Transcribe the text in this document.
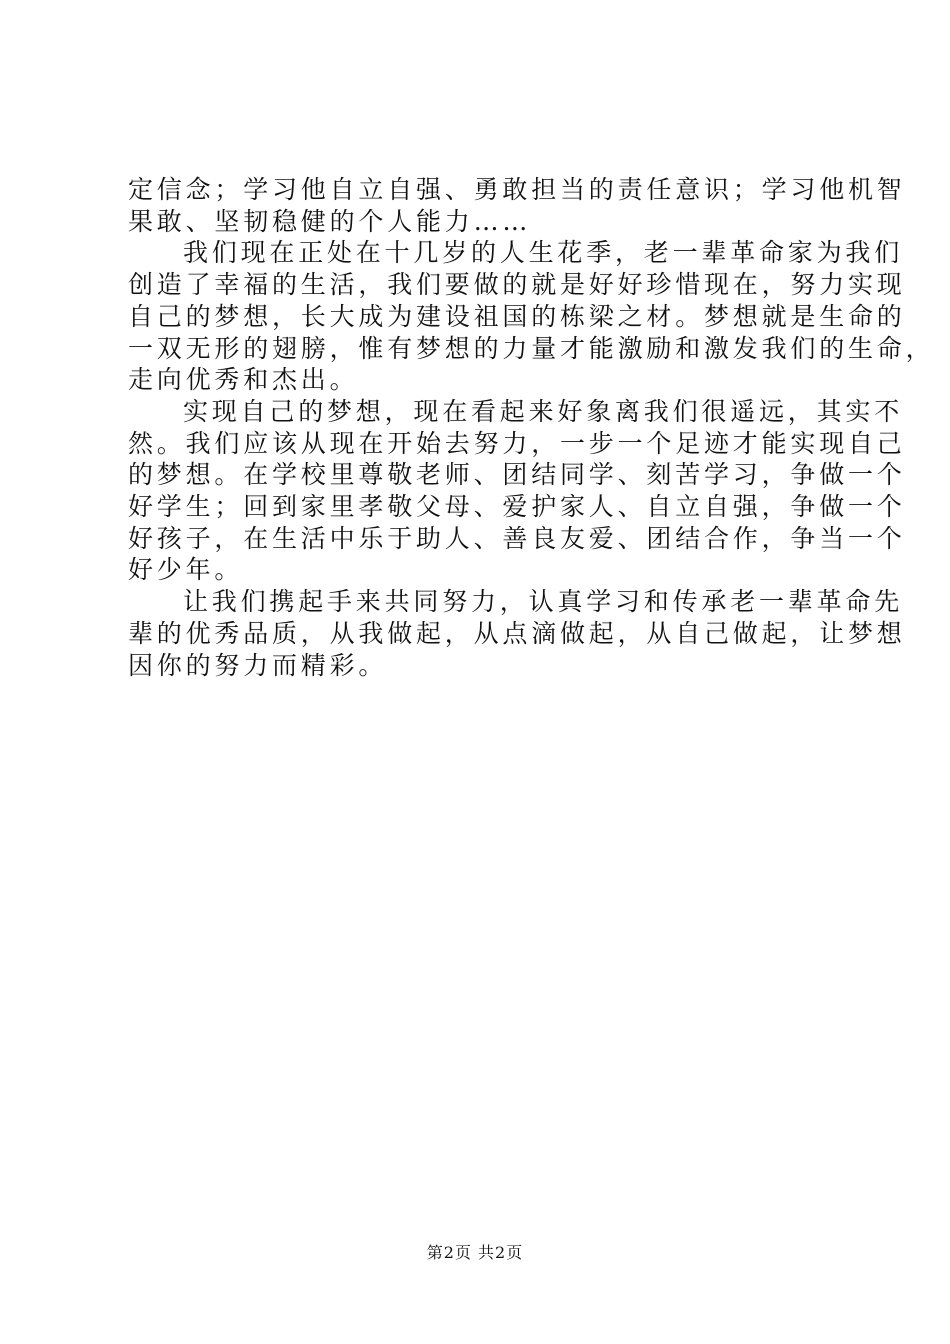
定信念；学习他自立自强、勇敢担当的责任意识；学习他机智
果敢、坚韧稳健的个人能力……
我们现在正处在十几岁的人生花季，老一辈革命家为我们
创造了幸福的生活，我们要做的就是好好珍惜现在，努力实现
自己的梦想，长大成为建设祖国的栋梁之材。梦想就是生命的
一双无形的翅膀，惟有梦想的力量才能激励和激发我们的生命，
走向优秀和杰出。
实现自己的梦想，现在看起来好象离我们很遥远，其实不
然。我们应该从现在开始去努力，一步一个足迹才能实现自己
的梦想。在学校里尊敬老师、团结同学、刻苦学习，争做一个
好学生；回到家里孝敬父母、爱护家人、自立自强，争做一个
好孩子，在生活中乐于助人、善良友爱、团结合作，争当一个
好少年。
让我们携起手来共同努力，认真学习和传承老一辈革命先
辈的优秀品质，从我做起，从点滴做起，从自己做起，让梦想
因你的努力而精彩。
第2页 共2页
